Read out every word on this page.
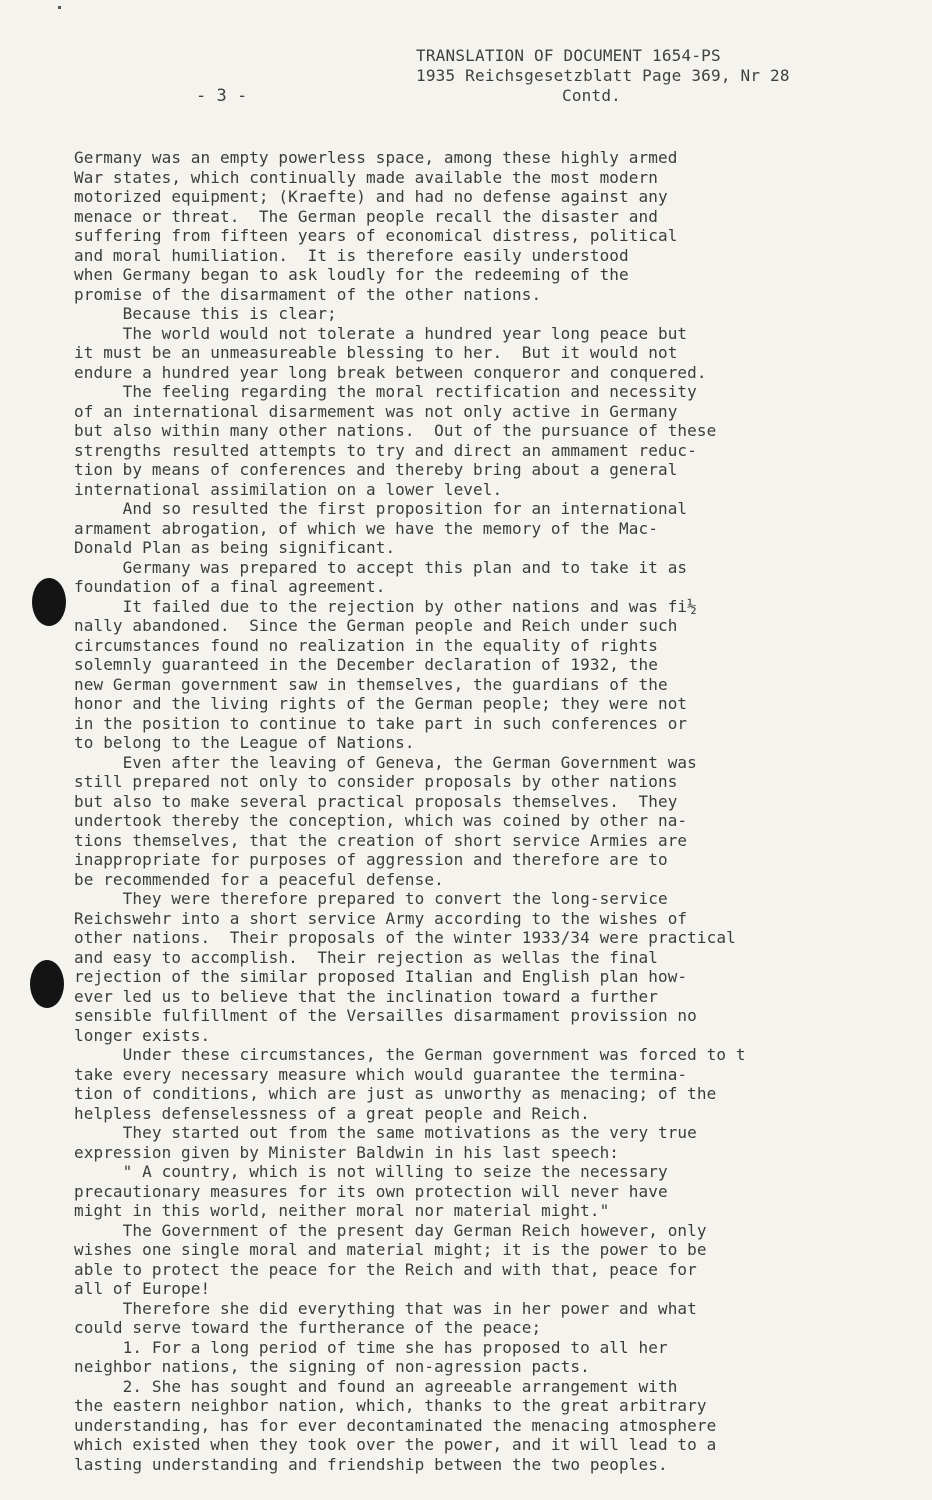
TRANSLATION OF DOCUMENT 1654-PS
1935 Reichsgesetzblatt Page 369, Nr 28
Contd.
- 3 -
Germany was an empty powerless space, among these highly armed
War states, which continually made available the most modern
motorized equipment; (Kraefte) and had no defense against any
menace or threat.  The German people recall the disaster and
suffering from fifteen years of economical distress, political
and moral humiliation.  It is therefore easily understood
when Germany began to ask loudly for the redeeming of the
promise of the disarmament of the other nations.
Because this is clear;
The world would not tolerate a hundred year long peace but
it must be an unmeasureable blessing to her.  But it would not
endure a hundred year long break between conqueror and conquered.
The feeling regarding the moral rectification and necessity
of an international disarmement was not only active in Germany
but also within many other nations.  Out of the pursuance of these
strengths resulted attempts to try and direct an ammament reduc-
tion by means of conferences and thereby bring about a general
international assimilation on a lower level.
And so resulted the first proposition for an international
armament abrogation, of which we have the memory of the Mac-
Donald Plan as being significant.
Germany was prepared to accept this plan and to take it as
foundation of a final agreement.
It failed due to the rejection by other nations and was fi½
nally abandoned.  Since the German people and Reich under such
circumstances found no realization in the equality of rights
solemnly guaranteed in the December declaration of 1932, the
new German government saw in themselves, the guardians of the
honor and the living rights of the German people; they were not
in the position to continue to take part in such conferences or
to belong to the League of Nations.
Even after the leaving of Geneva, the German Government was
still prepared not only to consider proposals by other nations
but also to make several practical proposals themselves.  They
undertook thereby the conception, which was coined by other na-
tions themselves, that the creation of short service Armies are
inappropriate for purposes of aggression and therefore are to
be recommended for a peaceful defense.
They were therefore prepared to convert the long-service
Reichswehr into a short service Army according to the wishes of
other nations.  Their proposals of the winter 1933/34 were practical
and easy to accomplish.  Their rejection as wellas the final
rejection of the similar proposed Italian and English plan how-
ever led us to believe that the inclination toward a further
sensible fulfillment of the Versailles disarmament provission no
longer exists.
Under these circumstances, the German government was forced to t
take every necessary measure which would guarantee the termina-
tion of conditions, which are just as unworthy as menacing; of the
helpless defenselessness of a great people and Reich.
They started out from the same motivations as the very true
expression given by Minister Baldwin in his last speech:
" A country, which is not willing to seize the necessary
precautionary measures for its own protection will never have
might in this world, neither moral nor material might."
The Government of the present day German Reich however, only
wishes one single moral and material might; it is the power to be
able to protect the peace for the Reich and with that, peace for
all of Europe!
Therefore she did everything that was in her power and what
could serve toward the furtherance of the peace;
1. For a long period of time she has proposed to all her
neighbor nations, the signing of non-agression pacts.
2. She has sought and found an agreeable arrangement with
the eastern neighbor nation, which, thanks to the great arbitrary
understanding, has for ever decontaminated the menacing atmosphere
which existed when they took over the power, and it will lead to a
lasting understanding and friendship between the two peoples.
